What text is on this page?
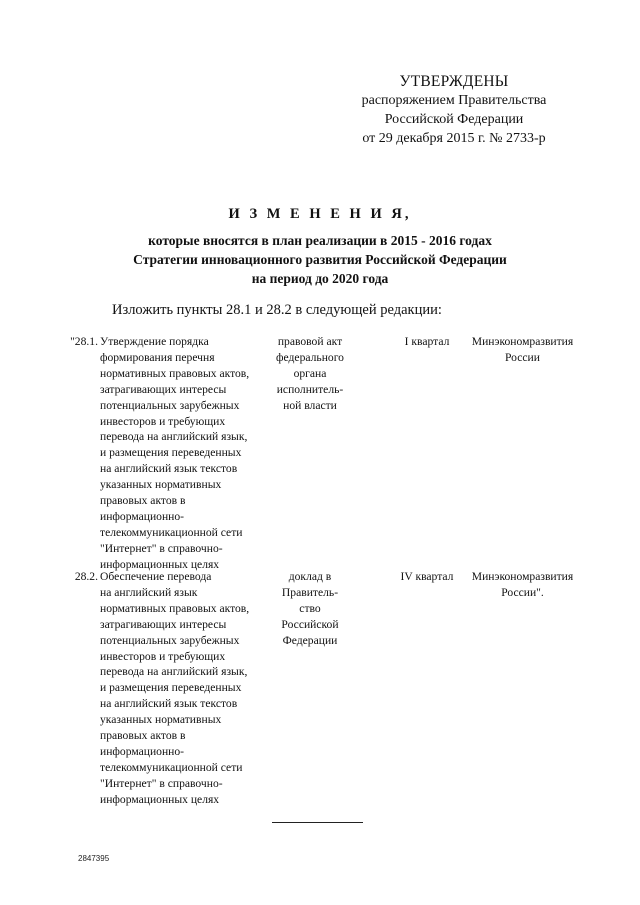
УТВЕРЖДЕНЫ
распоряжением Правительства
Российской Федерации
от 29 декабря 2015 г. № 2733-р
И З М Е Н Е Н И Я,
которые вносятся в план реализации в 2015 - 2016 годах
Стратегии инновационного развития Российской Федерации
на период до 2020 года
Изложить пункты 28.1 и 28.2 в следующей редакции:
"28.1. Утверждение порядка
формирования перечня
нормативных правовых актов,
затрагивающих интересы
потенциальных зарубежных
инвесторов и требующих
перевода на английский язык,
и размещения переведенных
на английский язык текстов
указанных нормативных
правовых актов в
информационно-
телекоммуникационной сети
"Интернет" в справочно-
информационных целях
правовой акт
федерального
органа
исполнитель-
ной власти
I квартал	Минэкономразвития
России
28.2. Обеспечение перевода
на английский язык
нормативных правовых актов,
затрагивающих интересы
потенциальных зарубежных
инвесторов и требующих
перевода на английский язык,
и размещения переведенных
на английский язык текстов
указанных нормативных
правовых актов в
информационно-
телекоммуникационной сети
"Интернет" в справочно-
информационных целях
доклад в
Правитель-
ство
Российской
Федерации
IV квартал	Минэкономразвития
России".
2847395
